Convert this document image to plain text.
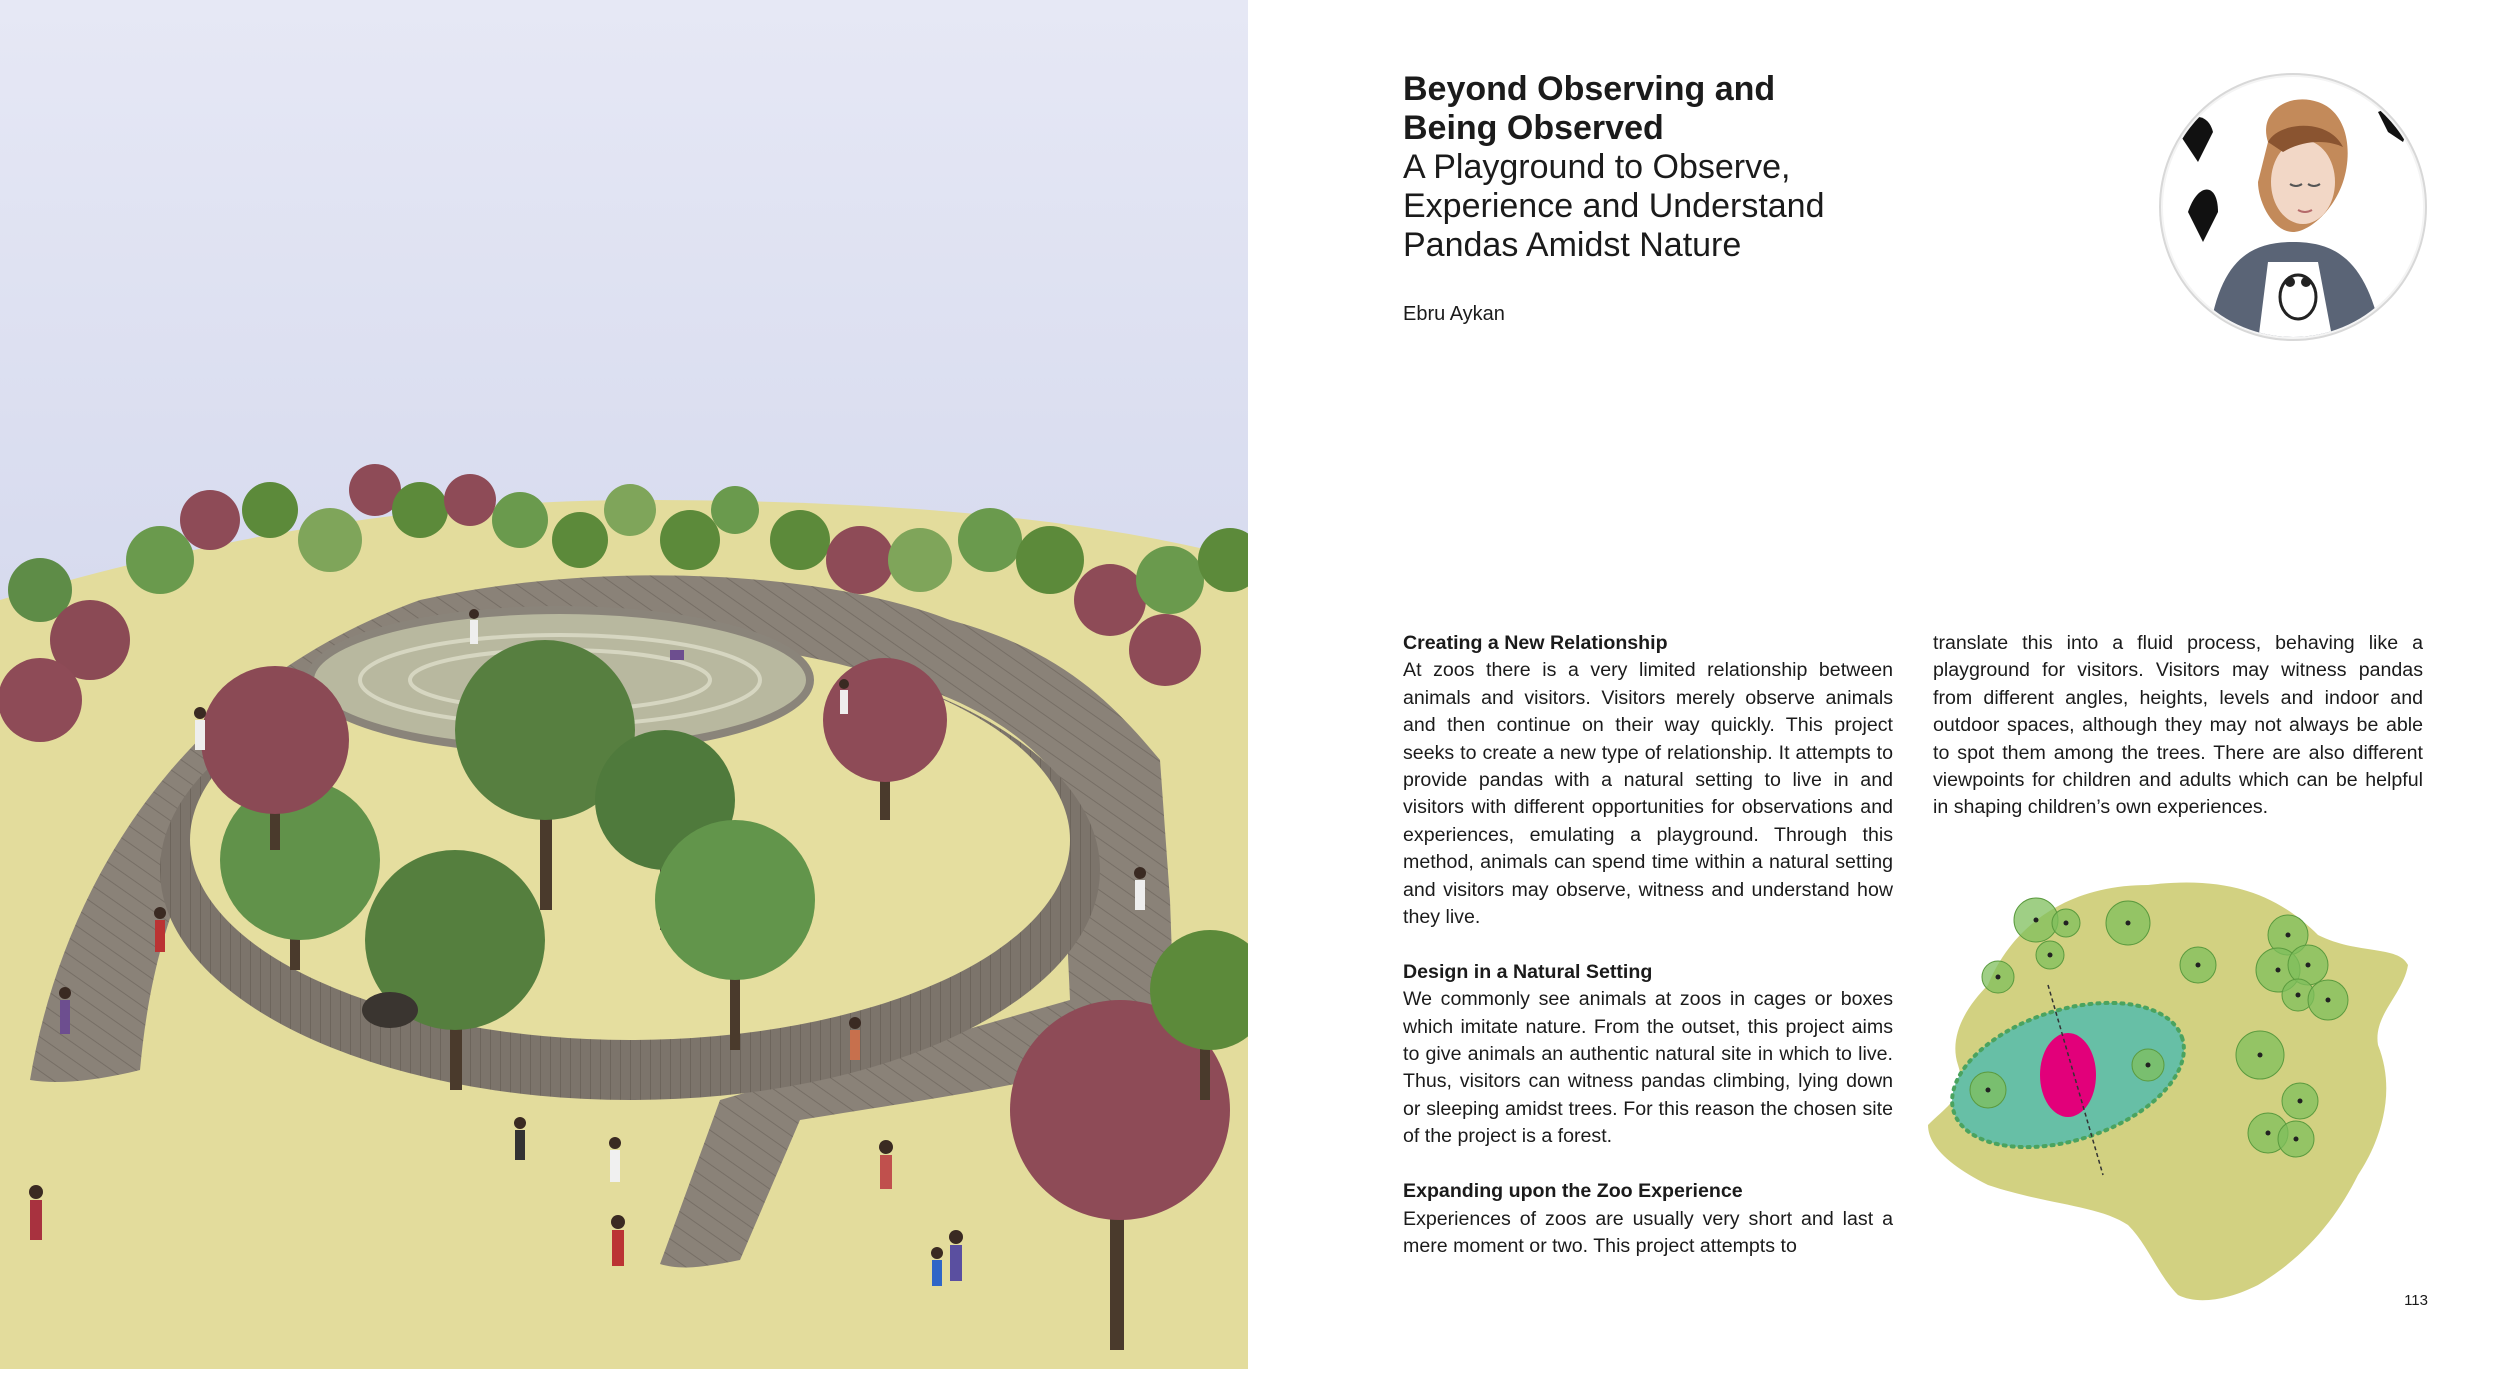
Beyond Observing and
Being Observed
A Playground to Observe,
Experience and Understand
Pandas Amidst Nature
Ebru Aykan
Creating a New Relationship

At zoos there is a very limited relationship between animals and visitors. Visitors merely observe animals and then continue on their way quickly. This project seeks to create a new type of relationship. It attempts to provide pandas with a natural setting to live in and visitors with different opportunities for observations and experiences, emulating a playground. Through this method, animals can spend time within a natural setting and visitors may observe, witness and understand how they live.

Design in a Natural Setting

We commonly see animals at zoos in cages or boxes which imitate nature. From the outset, this project aims to give animals an authentic natural site in which to live. Thus, visitors can witness pandas climbing, lying down or sleeping amidst trees. For this reason the chosen site of the project is a forest.

Expanding upon the Zoo Experience

Experiences of zoos are usually very short and last a mere moment or two. This project attempts to

translate this into a fluid process, behaving like a playground for visitors. Visitors may witness pandas from different angles, heights, levels and indoor and outdoor spaces, although they may not always be able to spot them among the trees. There are also different viewpoints for children and adults which can be helpful in shaping children’s own experiences.

113
